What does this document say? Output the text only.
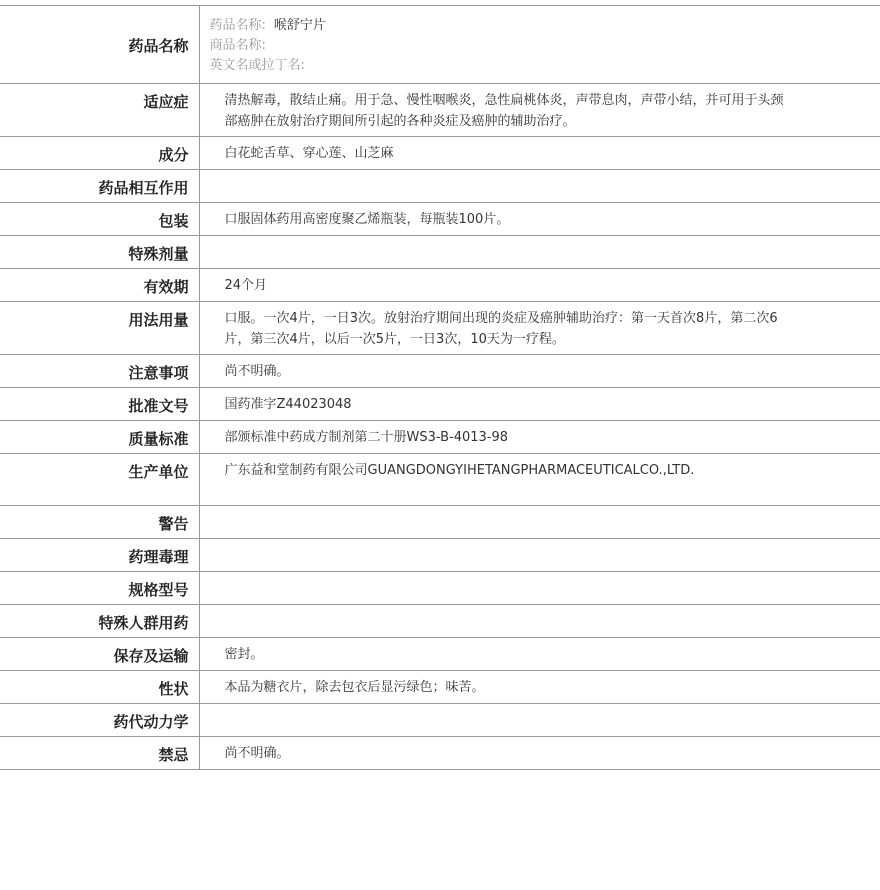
药品名称	药品名称: 喉舒宁片
商品名称:
英文名或拉丁名:

适应症	清热解毒，散结止痛。用于急、慢性咽喉炎，急性扁桃体炎，声带息肉，声带小结，并可用于头颈部癌肿在放射治疗期间所引起的各种炎症及癌肿的辅助治疗。
成分	白花蛇舌草、穿心莲、山芝麻
药品相互作用	
包装	口服固体药用高密度聚乙烯瓶装，每瓶装100片。
特殊剂量	
有效期	24个月
用法用量	口服。一次4片，一日3次。放射治疗期间出现的炎症及癌肿辅助治疗：第一天首次8片，第二次6片，第三次4片，以后一次5片，一日3次，10天为一疗程。
注意事项	尚不明确。
批准文号	国药准字Z44023048
质量标准	部颁标准中药成方制剂第二十册WS3-B-4013-98
生产单位	广东益和堂制药有限公司GUANGDONGYIHETANGPHARMACEUTICALCO.,LTD.
警告	
药理毒理	
规格型号	
特殊人群用药	
保存及运输	密封。
性状	本品为糖衣片，除去包衣后显污绿色；味苦。
药代动力学	
禁忌	尚不明确。
